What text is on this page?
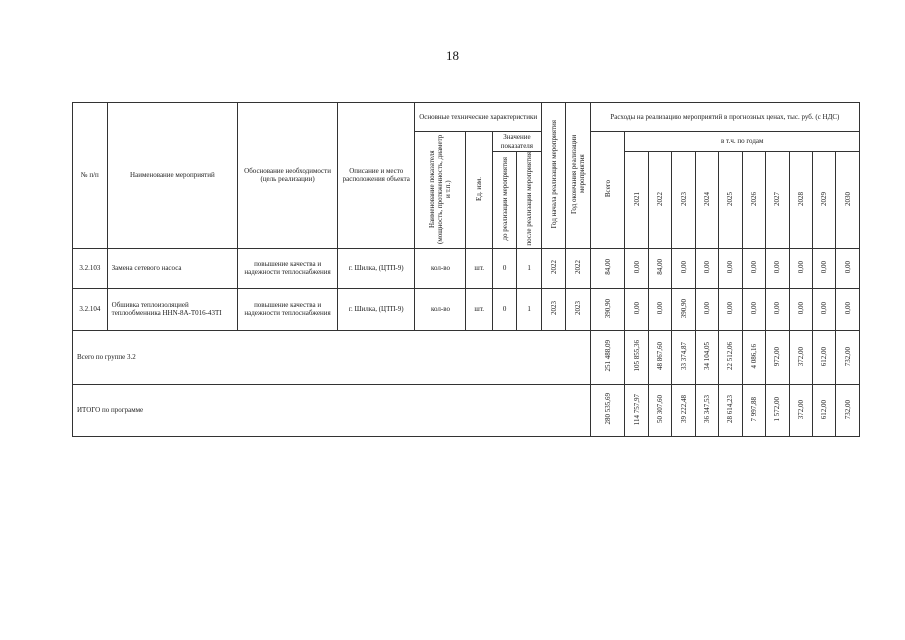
18
№ п/п	Наименование мероприятий	Обоснование необходимости (цель реализации)	Описание и место расположения объекта	Основные технические характеристики				Год начала реализации мероприятия	Год окончания реализации мероприятия	Расходы на реализацию мероприятий в прогнозных ценах, тыс. руб. (с НДС)										
				Наименование показателя (мощность, протяженность, диаметр и т.п.)	Ед. изм.	Значение показателя				Всего	в т.ч. по годам									
						до реализации мероприятия	после реализации мероприятия				2021	2022	2023	2024	2025	2026	2027	2028	2029	2030
3.2.103	Замена сетевого насоса	повышение качества и надежности теплоснабжения	г. Шилка, (ЦТП-9)	кол-во	шт.	0	1	2022	2022	84,00	0,00	84,00	0,00	0,00	0,00	0,00	0,00	0,00	0,00	0,00
3.2.104	Обшивка теплоизоляцией теплообменника HHN-8A-T016-43TI	повышение качества и надежности теплоснабжения	г. Шилка, (ЦТП-9)	кол-во	шт.	0	1	2023	2023	390,90	0,00	0,00	390,90	0,00	0,00	0,00	0,00	0,00	0,00	0,00
Всего по группе 3.2										251 488,09	105 855,36	48 867,60	33 374,87	34 104,05	22 512,06	4 086,16	972,00	372,00	612,00	732,00
ИТОГО по программе										280 535,69	114 757,97	50 307,60	39 222,48	36 347,53	28 614,23	7 997,88	1 572,00	372,00	612,00	732,00
